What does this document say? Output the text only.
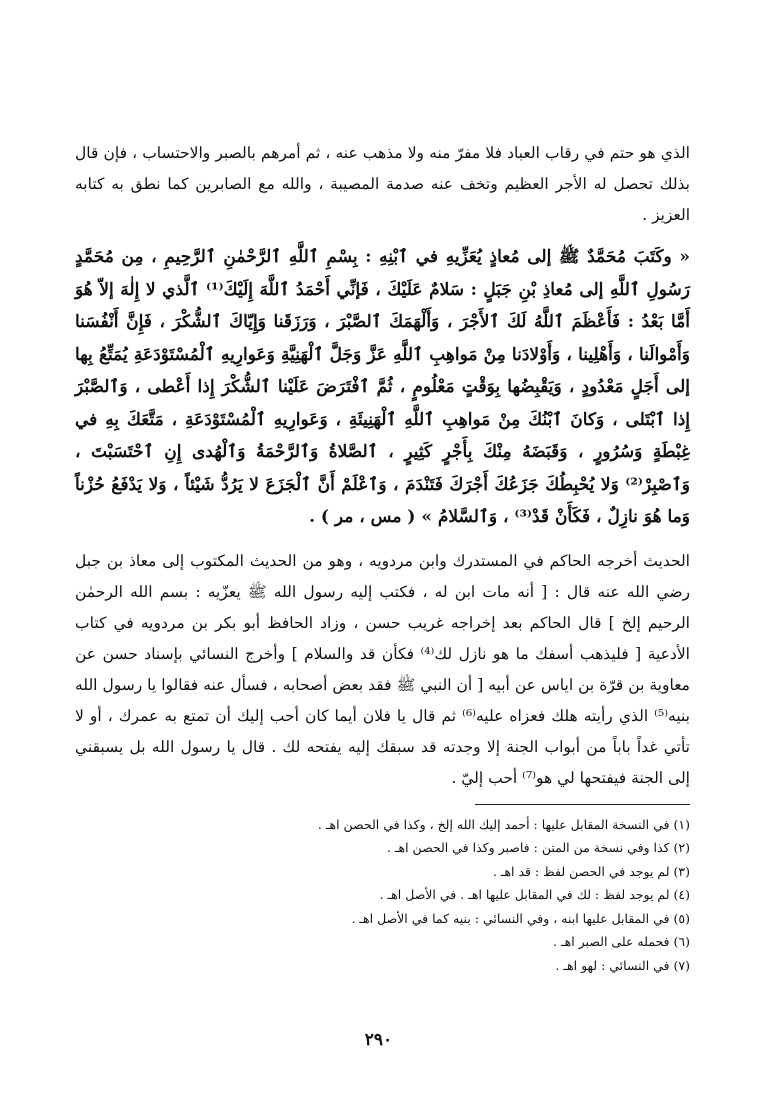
الذي هو حتم في رقاب العباد فلا مفرّ منه ولا مذهب عنه ، ثم أمرهم بالصبر والاحتساب ، فإن قال بذلك تحصل له الأجر العظيم وتخف عنه صدمة المصيبة ، والله مع الصابرين كما نطق به كتابه العزيز .

« وكَتَبَ مُحَمَّدٌ ﷺ إلى مُعاذٍ يُعَزِّيهِ في ٱبْنِهِ : بِسْمِ ٱللَّهِ ٱلرَّحْمٰنِ ٱلرَّحِيمِ ، مِن مُحَمَّدٍ رَسُولِ ٱللَّهِ إلى مُعاذِ بْنِ جَبَلٍ : سَلامٌ عَلَيْكَ ، فَإنِّي أَحْمَدُ ٱللَّهَ إِلَيْكَ⁽¹⁾ ٱلَّذي لا إِلٰهَ إلاّ هُوَ أَمَّا بَعْدُ : فَأَعْظَمَ ٱللَّهُ لَكَ ٱلأَجْرَ ، وَأَلْهَمَكَ ٱلصَّبْرَ ، وَرَزَقَنا وَإِيّاكَ ٱلشُّكْرَ ، فَإِنَّ أَنْفُسَنا وَأَمْوالَنا ، وَأَهْلِينا ، وَأَوْلادَنا مِنْ مَواهِبِ ٱللَّهِ عَزَّ وَجَلَّ ٱلْهَنِيَّةِ وَعَوارِيهِ ٱلْمُسْتَوْدَعَةِ يُمَتِّعُ بِها إلى أَجَلٍ مَعْدُودٍ ، وَيَقْبِضُها بِوَقْتٍ مَعْلُومٍ ، ثُمَّ ٱفْتَرَضَ عَلَيْنا ٱلشُّكْرَ إِذا أَعْطى ، وَٱلصَّبْرَ إِذا ٱبْتَلى ، وَكانَ ٱبْنُكَ مِنْ مَواهِبِ ٱللَّهِ ٱلْهَنِيئَةِ ، وَعَوارِيهِ ٱلْمُسْتَوْدَعَةِ ، مَتَّعَكَ بِهِ في غِبْطَةٍ وَسُرُورٍ ، وَقَبَضَهُ مِنْكَ بِأَجْرٍ كَثِيرٍ ، ٱلصَّلاةُ وَٱلرَّحْمَةُ وَٱلْهُدى إِنِ ٱحْتَسَبْتَ ، وَٱصْبِرْ⁽²⁾ وَلا يُحْبِطُكَ جَزَعُكَ أَجْرَكَ فَتَنْدَمَ ، وَٱعْلَمْ أَنَّ ٱلْجَزَعَ لا يَرُدُّ شَيْئاً ، وَلا يَدْفَعُ حُزْناً وَما هُوَ نازِلٌ ، فَكَأَنْ قَدْ⁽³⁾ ، وَٱلسَّلامُ » ( مس ، مر ) .

الحديث أخرجه الحاكم في المستدرك وابن مردويه ، وهو من الحديث المكتوب إلى معاذ بن جبل رضي الله عنه قال : [ أنه مات ابن له ، فكتب إليه رسول الله ﷺ يعزّيه : بسم الله الرحمٰن الرحيم إلخ ] قال الحاكم بعد إخراجه غريب حسن ، وزاد الحافظ أبو بكر بن مردويه في كتاب الأدعية [ فليذهب أسفك ما هو نازل لك⁽⁴⁾ فكأن قد والسلام ] وأخرج النسائي بإسناد حسن عن معاوية بن قرّة بن اياس عن أبيه [ أن النبي ﷺ فقد بعض أصحابه ، فسأل عنه فقالوا يا رسول الله بنيه⁽⁵⁾ الذي رأيته هلك فعزاه عليه⁽⁶⁾ ثم قال يا فلان أيما كان أحب إليك أن تمتع به عمرك ، أو لا تأتي غداً باباً من أبواب الجنة إلا وجدته قد سبقك إليه يفتحه لك . قال يا رسول الله بل يسبقني إلى الجنة فيفتحها لي هو⁽⁷⁾ أحب إليّ .

(١) في النسخة المقابل عليها : أحمد إليك الله إلخ ، وكذا في الحصن اهـ .
(٢) كذا وفي نسخة من المتن : فاصبر وكذا في الحصن اهـ .
(٣) لم يوجد في الحصن لفظ : قد اهـ .
(٤) لم يوجد لفظ : لك في المقابل عليها اهـ . في الأصل اهـ .
(٥) في المقابل عليها ابنه ، وفي النسائي : بنيه كما في الأصل اهـ .
(٦) فحمله على الصبر اهـ .
(٧) في النسائي : لهو اهـ .
٢٩٠
